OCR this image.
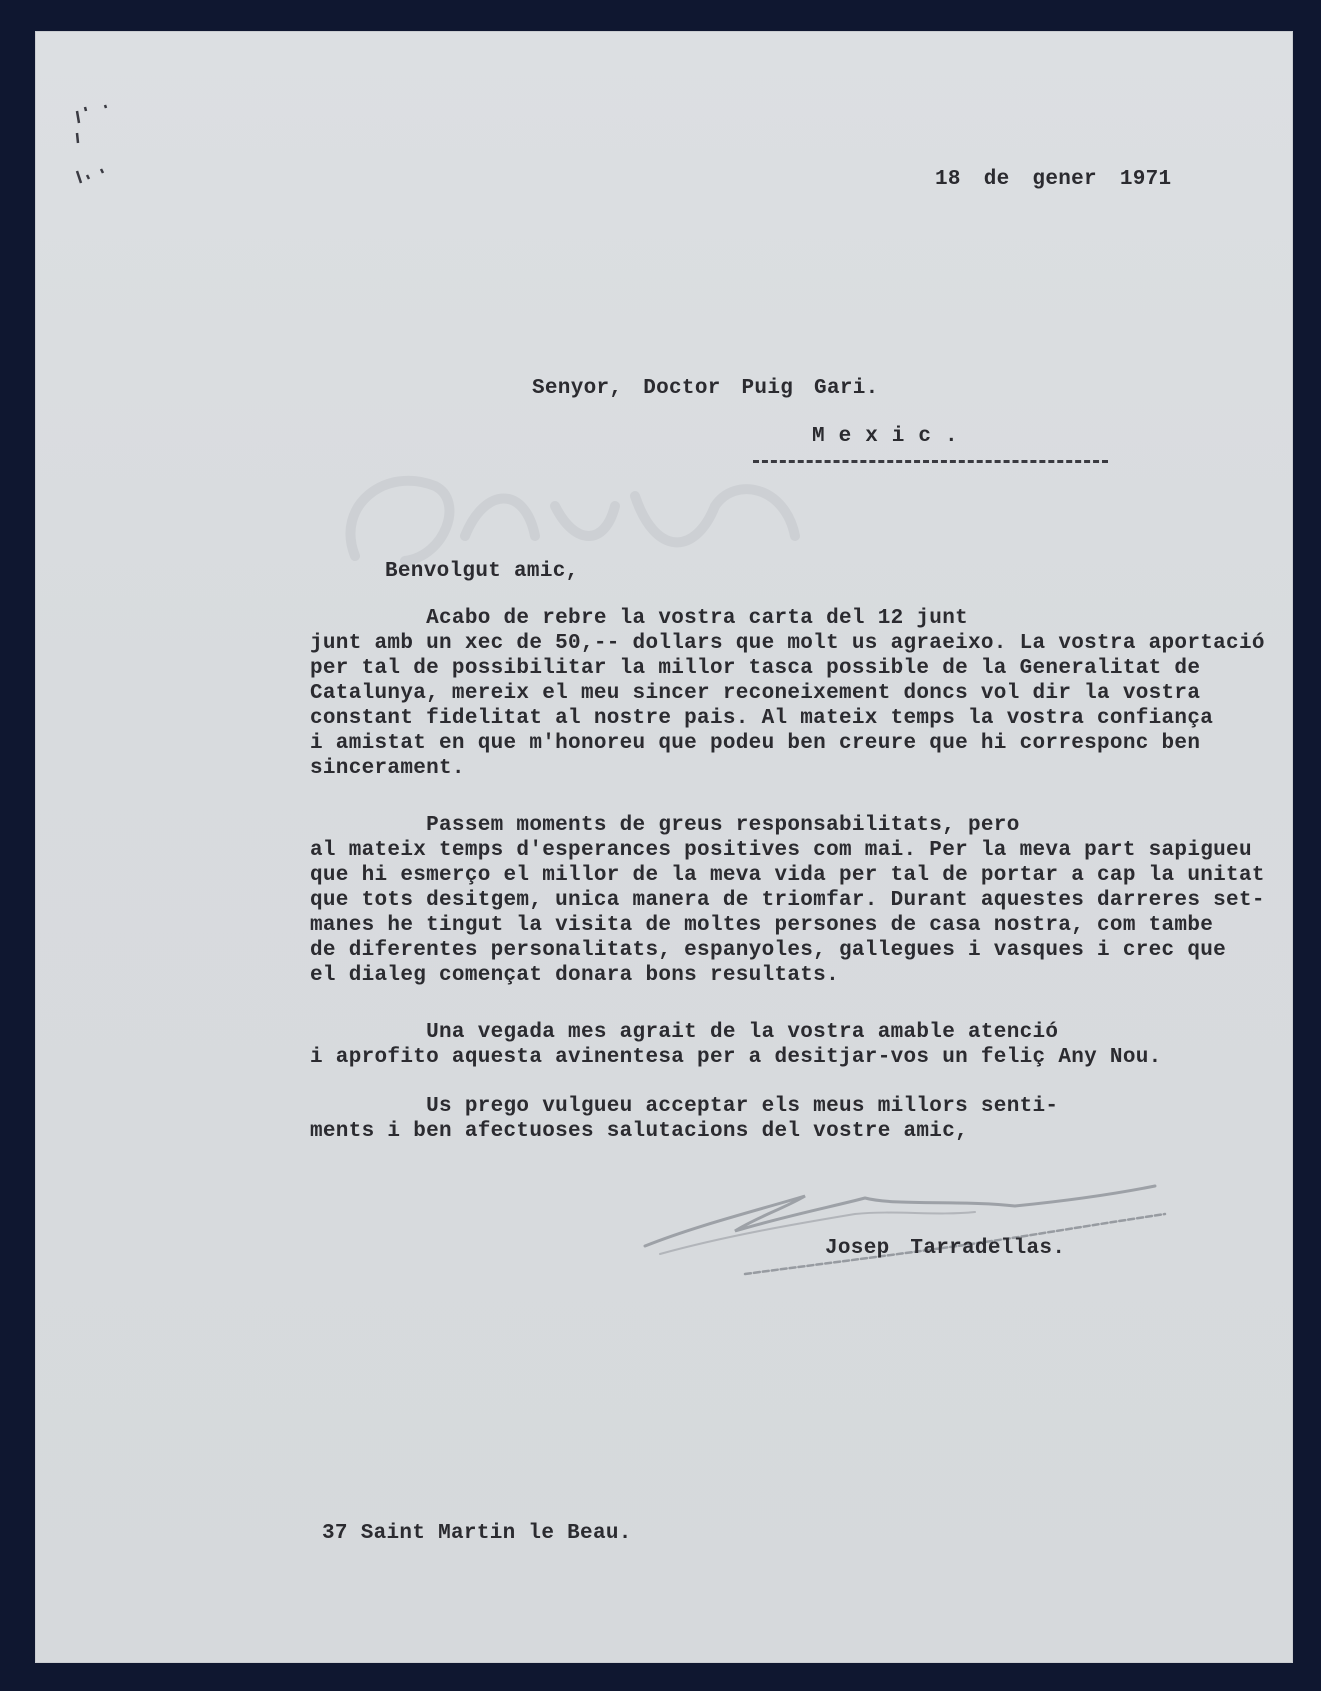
18 de gener 1971

Senyor, Doctor Puig Gari.

Mexic.

Benvolgut amic,

Acabo de rebre la vostra carta del 12 junt

junt amb un xec de 50,-- dollars que molt us agraeixo. La vostra aportació

per tal de possibilitar la millor tasca possible de la Generalitat de

Catalunya, mereix el meu sincer reconeixement doncs vol dir la vostra

constant fidelitat al nostre pais. Al mateix temps la vostra confiança

i amistat en que m'honoreu que podeu ben creure que hi corresponc ben

sincerament.

Passem moments de greus responsabilitats, pero

al mateix temps d'esperances positives com mai. Per la meva part sapigueu

que hi esmerço el millor de la meva vida per tal de portar a cap la unitat

que tots desitgem, unica manera de triomfar. Durant aquestes darreres set-

manes he tingut la visita de moltes persones de casa nostra, com tambe

de diferentes personalitats, espanyoles, gallegues i vasques i crec que

el dialeg començat donara bons resultats.

Una vegada mes agrait de la vostra amable atenció

i aprofito aquesta avinentesa per a desitjar-vos un feliç Any Nou.

Us prego vulgueu acceptar els meus millors senti-

ments i ben afectuoses salutacions del vostre amic,

Josep Tarradellas.

37 Saint Martin le Beau.
